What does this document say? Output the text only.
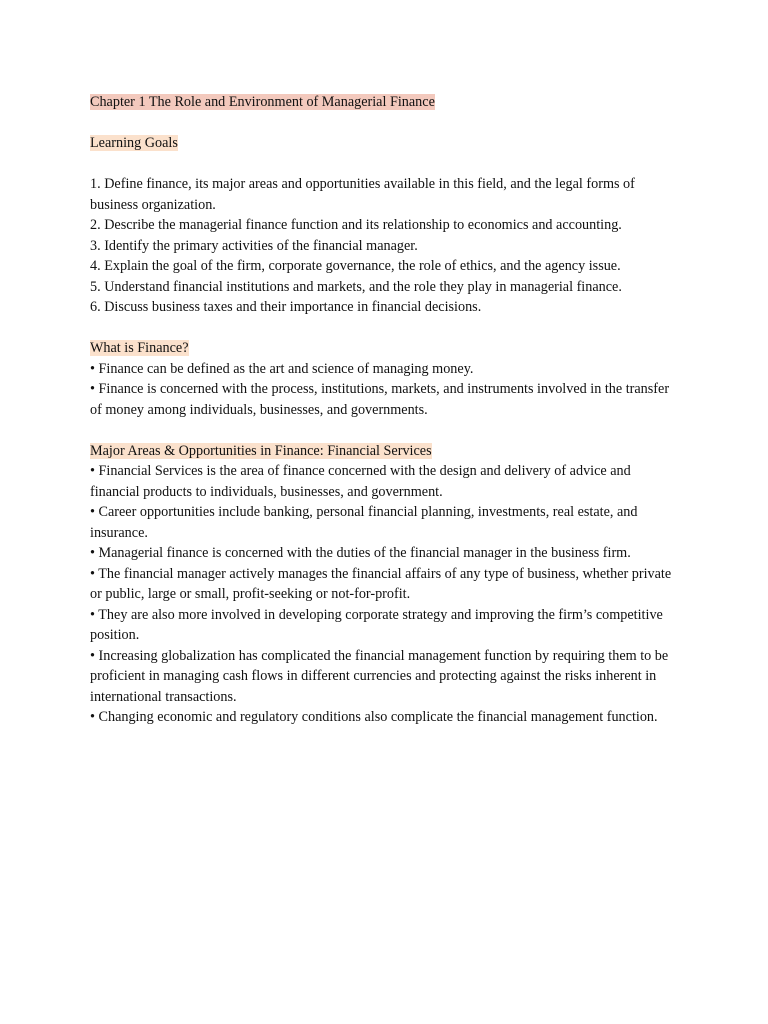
Chapter 1 The Role and Environment of Managerial Finance

Learning Goals

1. Define finance, its major areas and opportunities available in this field, and the legal forms of business organization.

2. Describe the managerial finance function and its relationship to economics and accounting.

3. Identify the primary activities of the financial manager.

4. Explain the goal of the firm, corporate governance, the role of ethics, and the agency issue.

5. Understand financial institutions and markets, and the role they play in managerial finance.

6. Discuss business taxes and their importance in financial decisions.

What is Finance?

• Finance can be defined as the art and science of managing money.

• Finance is concerned with the process, institutions, markets, and instruments involved in the transfer of money among individuals, businesses, and governments.

Major Areas & Opportunities in Finance: Financial Services

• Financial Services is the area of finance concerned with the design and delivery of advice and financial products to individuals, businesses, and government.

• Career opportunities include banking, personal financial planning, investments, real estate, and insurance.

• Managerial finance is concerned with the duties of the financial manager in the business firm.

• The financial manager actively manages the financial affairs of any type of business, whether private or public, large or small, profit-seeking or not-for-profit.

• They are also more involved in developing corporate strategy and improving the firm’s competitive position.

• Increasing globalization has complicated the financial management function by requiring them to be proficient in managing cash flows in different currencies and protecting against the risks inherent in international transactions.

• Changing economic and regulatory conditions also complicate the financial management function.
